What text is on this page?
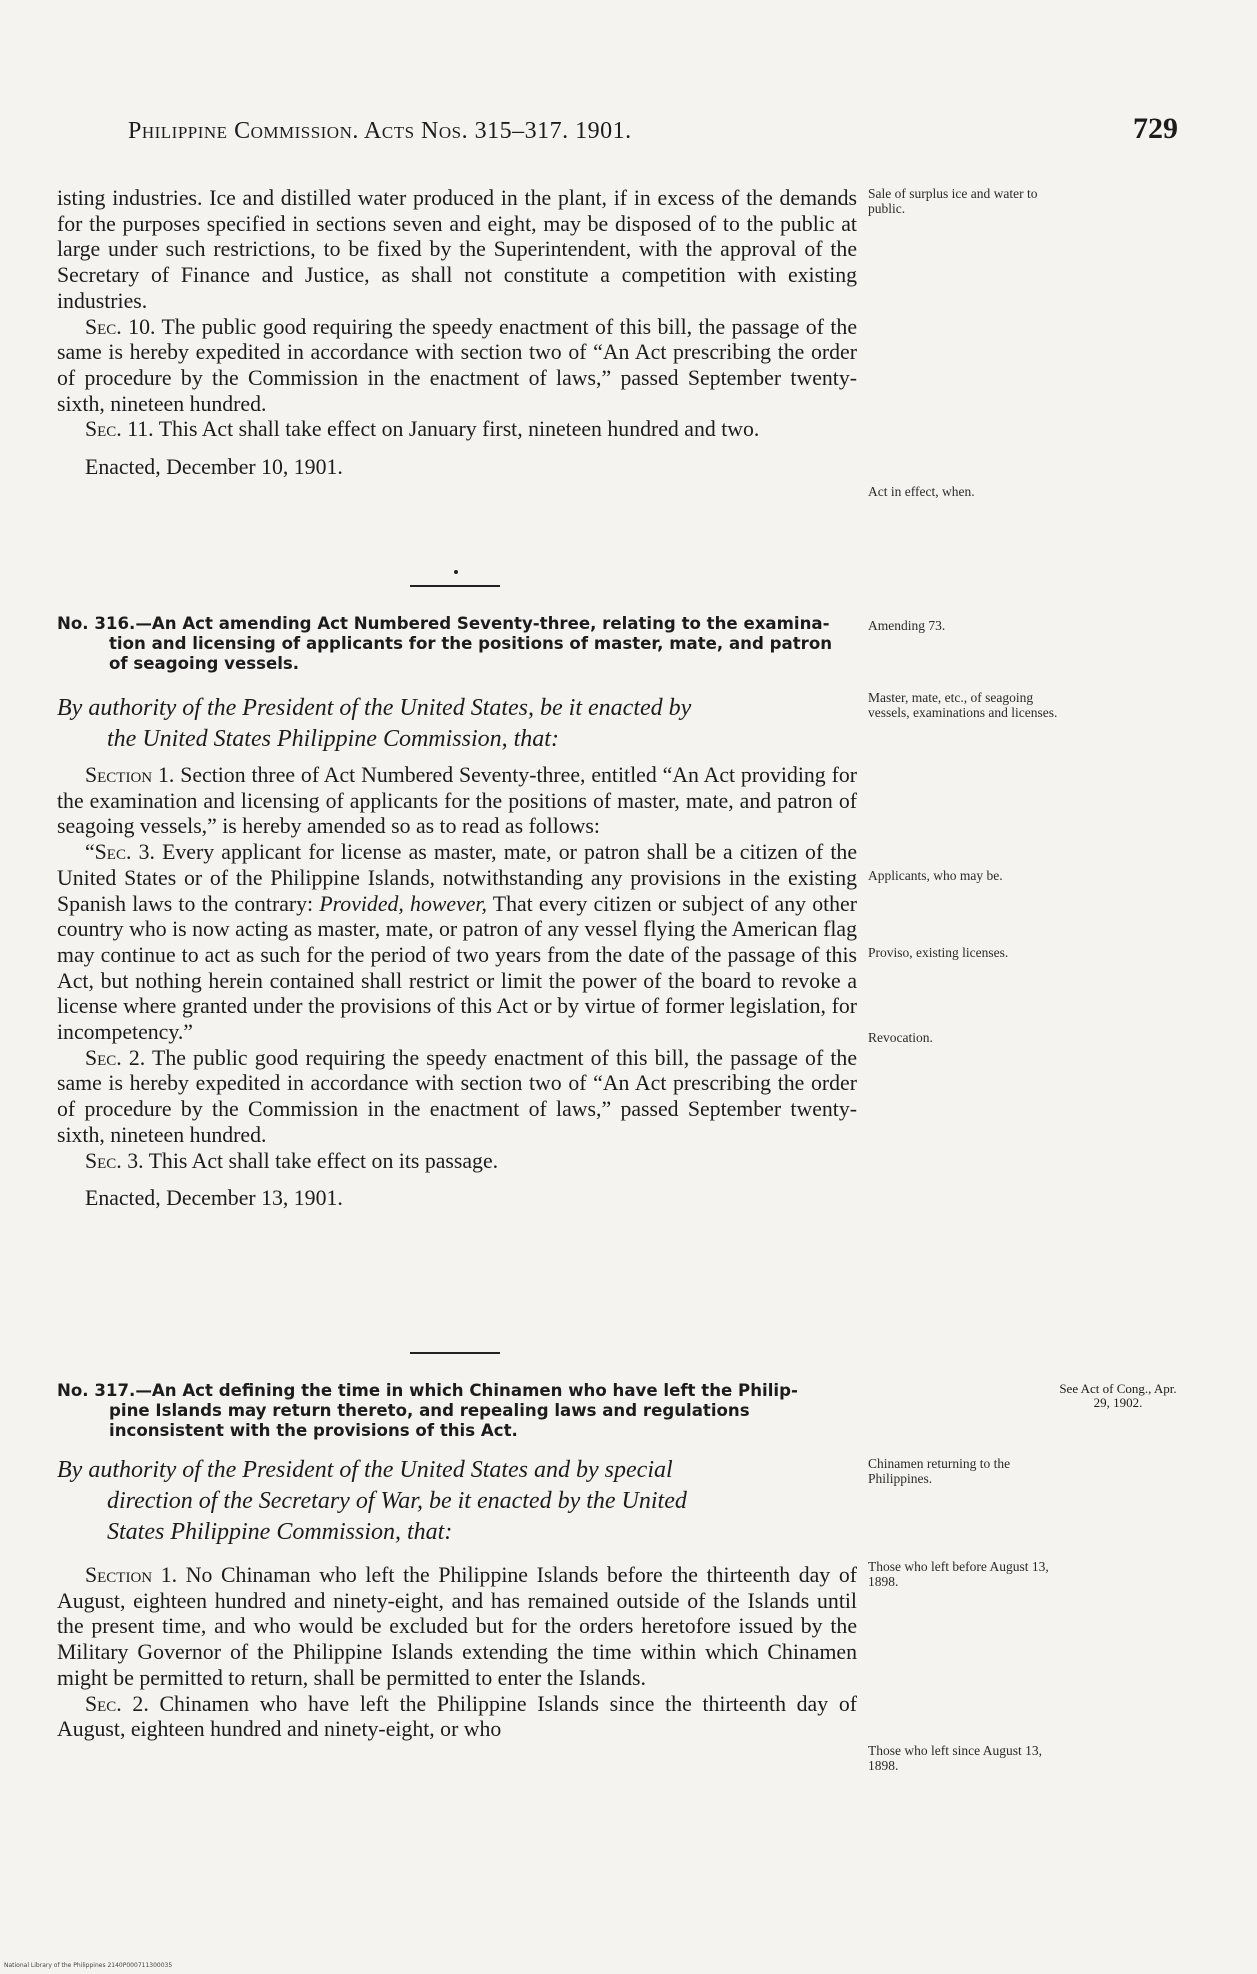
Philippine Commission. Acts Nos. 315–317. 1901.	729

isting industries. Ice and distilled water produced in the plant, if in excess of the demands for the purposes specified in sections seven and eight, may be disposed of to the public at large under such restrictions, to be fixed by the Superintendent, with the approval of the Secretary of Finance and Justice, as shall not constitute a competition with existing industries.

Sec. 10. The public good requiring the speedy enactment of this bill, the passage of the same is hereby expedited in accordance with section two of “An Act prescribing the order of procedure by the Commission in the enactment of laws,” passed September twenty-sixth, nineteen hundred.

Sec. 11. This Act shall take effect on January first, nineteen hundred and two.

Enacted, December 10, 1901.

No. 316.—An Act amending Act Numbered Seventy-three, relating to the examina-
tion and licensing of applicants for the positions of master, mate, and patron
of seagoing vessels.
By authority of the President of the United States, be it enacted by
the United States Philippine Commission, that:

Section 1. Section three of Act Numbered Seventy-three, entitled “An Act providing for the examination and licensing of applicants for the positions of master, mate, and patron of seagoing vessels,” is hereby amended so as to read as follows:

“Sec. 3. Every applicant for license as master, mate, or patron shall be a citizen of the United States or of the Philippine Islands, notwithstanding any provisions in the existing Spanish laws to the contrary: Provided, however, That every citizen or subject of any other country who is now acting as master, mate, or patron of any vessel flying the American flag may continue to act as such for the period of two years from the date of the passage of this Act, but nothing herein contained shall restrict or limit the power of the board to revoke a license where granted under the provisions of this Act or by virtue of former legislation, for incompetency.”

Sec. 2. The public good requiring the speedy enactment of this bill, the passage of the same is hereby expedited in accordance with section two of “An Act prescribing the order of procedure by the Commission in the enactment of laws,” passed September twenty-sixth, nineteen hundred.

Sec. 3. This Act shall take effect on its passage.

Enacted, December 13, 1901.

No. 317.—An Act defining the time in which Chinamen who have left the Philip-
pine Islands may return thereto, and repealing laws and regulations
inconsistent with the provisions of this Act.
By authority of the President of the United States and by special
direction of the Secretary of War, be it enacted by the United
States Philippine Commission, that:

Section 1. No Chinaman who left the Philippine Islands before the thirteenth day of August, eighteen hundred and ninety-eight, and has remained outside of the Islands until the present time, and who would be excluded but for the orders heretofore issued by the Military Governor of the Philippine Islands extending the time within which Chinamen might be permitted to return, shall be permitted to enter the Islands.

Sec. 2. Chinamen who have left the Philippine Islands since the thirteenth day of August, eighteen hundred and ninety-eight, or who

Sale of surplus ice and water to public.
Act in effect, when.
Amending 73.
Master, mate, etc., of seagoing vessels, examinations and licenses.
Applicants, who may be.
Proviso, existing licenses.
Revocation.
See Act of Cong., Apr. 29, 1902.
Chinamen returning to the Philippines.
Those who left before August 13, 1898.
Those who left since August 13, 1898.
National Library of the Philippines 2140P000711300035
